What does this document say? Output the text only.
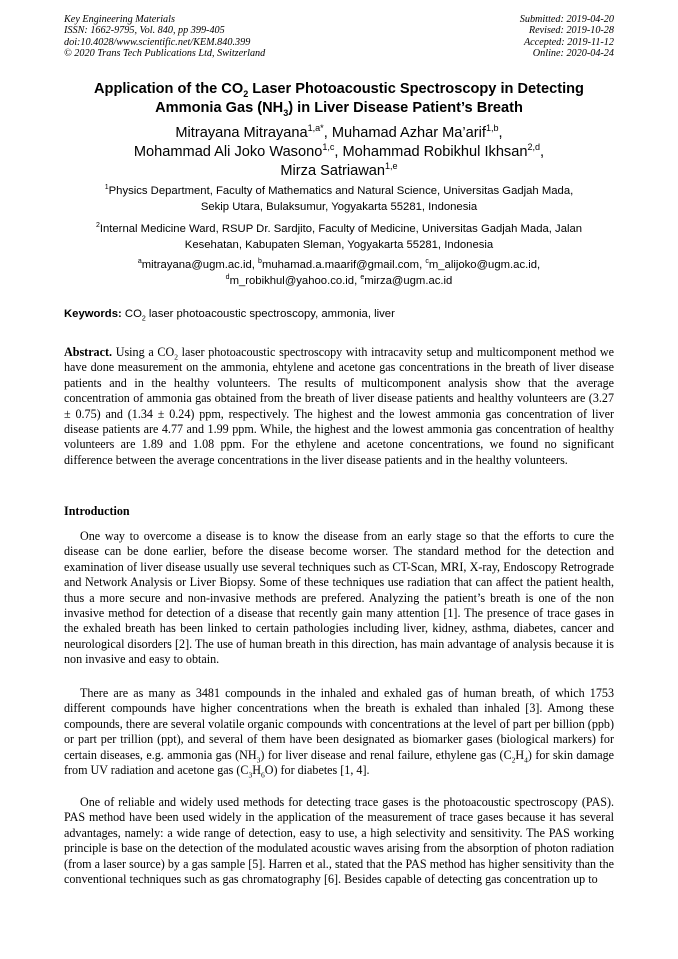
Key Engineering Materials
ISSN: 1662-9795, Vol. 840, pp 399-405
doi:10.4028/www.scientific.net/KEM.840.399
© 2020 Trans Tech Publications Ltd, Switzerland
Submitted: 2019-04-20
Revised: 2019-10-28
Accepted: 2019-11-12
Online: 2020-04-24
Application of the $CO_2$ Laser Photoacoustic Spectroscopy in Detecting
Ammonia Gas $(NH_3)$ in Liver Disease Patient’s Breath
Mitrayana Mitrayana$^{1,a*}$, Muhamad Azhar Ma’arif$^{1,b}$,
Mohammad Ali Joko Wasono$^{1,c}$, Mohammad Robikhul Ikhsan$^{2,d}$,
Mirza Satriawan$^{1,e}$
$^1$Physics Department, Faculty of Mathematics and Natural Science, Universitas Gadjah Mada,
Sekip Utara, Bulaksumur, Yogyakarta 55281, Indonesia
$^2$Internal Medicine Ward, RSUP Dr. Sardjito, Faculty of Medicine, Universitas Gadjah Mada, Jalan
Kesehatan, Kabupaten Sleman, Yogyakarta 55281, Indonesia
$^a$mitrayana@ugm.ac.id, $^b$muhamad.a.maarif@gmail.com, $^c$m_alijoko@ugm.ac.id,
$^d$m_robikhul@yahoo.co.id, $^e$mirza@ugm.ac.id
Keywords: $CO_2$ laser photoacoustic spectroscopy, ammonia, liver
Abstract. Using a $CO_2$ laser photoacoustic spectroscopy with intracavity setup and multicomponent method we have done measurement on the ammonia, ehtylene and acetone gas concentrations in the breath of liver disease patients and in the healthy volunteers. The results of multicomponent analysis show that the average concentration of ammonia gas obtained from the breath of liver disease patients and healthy volunteers are (3.27 ± 0.75) and (1.34 ± 0.24) ppm, respectively. The highest and the lowest ammonia gas concentration of liver disease patients are 4.77 and 1.99 ppm. While, the highest and the lowest ammonia gas concentration of healthy volunteers are 1.89 and 1.08 ppm. For the ethylene and acetone concentrations, we found no significant difference between the average concentrations in the liver disease patients and in the healthy volunteers.
Introduction

One way to overcome a disease is to know the disease from an early stage so that the efforts to cure the disease can be done earlier, before the disease become worser. The standard method for the detection and examination of liver disease usually use several techniques such as CT-Scan, MRI, X-ray, Endoscopy Retrograde and Network Analysis or Liver Biopsy. Some of these techniques use radiation that can affect the patient health, thus a more secure and non-invasive methods are prefered. Analyzing the patient’s breath is one of the non invasive method for detection of a disease that recently gain many attention [1]. The presence of trace gases in the exhaled breath has been linked to certain pathologies including liver, kidney, asthma, diabetes, cancer and neurological disorders [2]. The use of human breath in this direction, has main advantage of analysis because it is non invasive and easy to obtain.

There are as many as 3481 compounds in the inhaled and exhaled gas of human breath, of which 1753 different compounds have higher concentrations when the breath is exhaled than inhaled [3]. Among these compounds, there are several volatile organic compounds with concentrations at the level of part per billion (ppb) or part per trillion (ppt), and several of them have been designated as biomarker gases (biological markers) for certain diseases, e.g. ammonia gas $(NH_3)$ for liver disease and renal failure, ethylene gas $(C_2H_4)$ for skin damage from UV radiation and acetone gas $(C_3H_6O)$ for diabetes [1, 4].

One of reliable and widely used methods for detecting trace gases is the photoacoustic spectroscopy (PAS). PAS method have been used widely in the application of the measurement of trace gases because it has several advantages, namely: a wide range of detection, easy to use, a high selectivity and sensitivity. The PAS working principle is base on the detection of the modulated acoustic waves arising from the absorption of photon radiation (from a laser source) by a gas sample [5]. Harren et al., stated that the PAS method has higher sensitivity than the conventional techniques such as gas chromatography [6]. Besides capable of detecting gas concentration up to
